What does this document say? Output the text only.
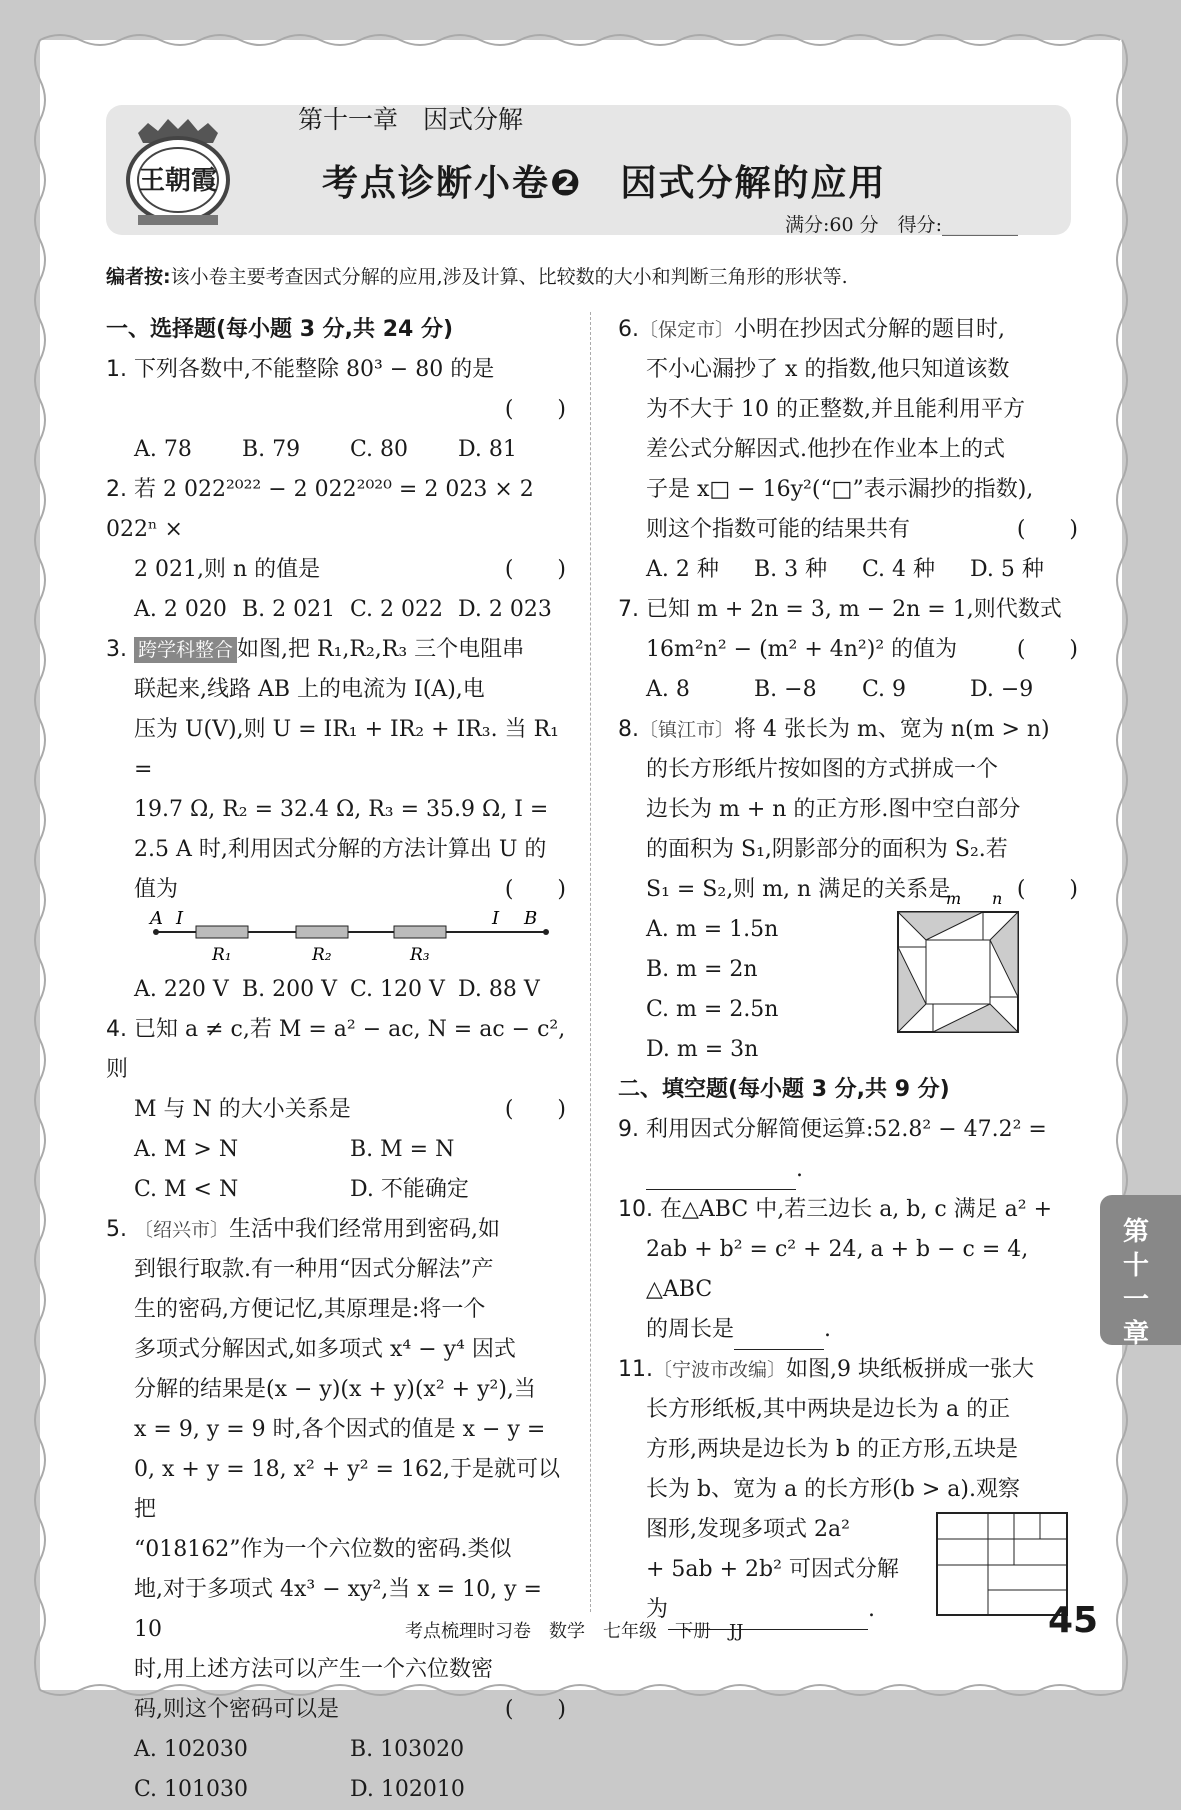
王朝霞
第十一章　因式分解
考点诊断小卷❷　因式分解的应用
满分:60 分　得分:________
编者按:该小卷主要考查因式分解的应用,涉及计算、比较数的大小和判断三角形的形状等.
一、选择题(每小题 3 分,共 24 分)
1. 下列各数中,不能整除 80³ − 80 的是
(　　)
A. 78	B. 79	C. 80	D. 81
2. 若 2 022²⁰²² − 2 022²⁰²⁰ = 2 023 × 2 022ⁿ ×
2 021,则 n 的值是	(　　)
A. 2 020 B. 2 021 C. 2 022 D. 2 023
3. 跨学科整合 如图,把 R₁,R₂,R₃ 三个电阻串
联起来,线路 AB 上的电流为 I(A),电
压为 U(V),则 U = IR₁ + IR₂ + IR₃. 当 R₁ =
19.7 Ω, R₂ = 32.4 Ω, R₃ = 35.9 Ω, I =
2.5 A 时,利用因式分解的方法计算出 U 的
值为	(　　)
A I	I B
R₁	R₂	R₃
A. 220 V B. 200 V C. 120 V D. 88 V
4. 已知 a ≠ c,若 M = a² − ac, N = ac − c²,则
M 与 N 的大小关系是	(　　)
A. M > N	B. M = N
C. M < N	D. 不能确定
5. 〔绍兴市〕生活中我们经常用到密码,如
到银行取款.有一种用“因式分解法”产
生的密码,方便记忆,其原理是:将一个
多项式分解因式,如多项式 x⁴ − y⁴ 因式
分解的结果是(x − y)(x + y)(x² + y²),当
x = 9, y = 9 时,各个因式的值是 x − y =
0, x + y = 18, x² + y² = 162,于是就可以把
“018162”作为一个六位数的密码.类似
地,对于多项式 4x³ − xy²,当 x = 10, y = 10
时,用上述方法可以产生一个六位数密
码,则这个密码可以是	(　　)
A. 102030	B. 103020
C. 101030	D. 102010
6.〔保定市〕小明在抄因式分解的题目时,
不小心漏抄了 x 的指数,他只知道该数
为不大于 10 的正整数,并且能利用平方
差公式分解因式.他抄在作业本上的式
子是 x□ − 16y²(“□”表示漏抄的指数),
则这个指数可能的结果共有	(　　)
A. 2 种	B. 3 种	C. 4 种	D. 5 种
7. 已知 m + 2n = 3, m − 2n = 1,则代数式
16m²n² − (m² + 4n²)² 的值为	(　　)
A. 8	B. −8	C. 9	D. −9
8.〔镇江市〕将 4 张长为 m、宽为 n(m > n)
的长方形纸片按如图的方式拼成一个
边长为 m + n 的正方形.图中空白部分
的面积为 S₁,阴影部分的面积为 S₂.若
S₁ = S₂,则 m, n 满足的关系是	(　　)
A. m = 1.5n
B. m = 2n
C. m = 2.5n
D. m = 3n
m n
二、填空题(每小题 3 分,共 9 分)
9. 利用因式分解简便运算:52.8² − 47.2² =
.
10. 在△ABC 中,若三边长 a, b, c 满足 a² +
2ab + b² = c² + 24, a + b − c = 4, △ABC
的周长是	.
11.〔宁波市改编〕如图,9 块纸板拼成一张大
长方形纸板,其中两块是边长为 a 的正
方形,两块是边长为 b 的正方形,五块是
长为 b、宽为 a 的长方形(b > a).观察
图形,发现多项式 2a²
+ 5ab + 2b² 可因式分解
为	.
第十一章
考点梳理时习卷　数学　七年级　下册　JJ	45
